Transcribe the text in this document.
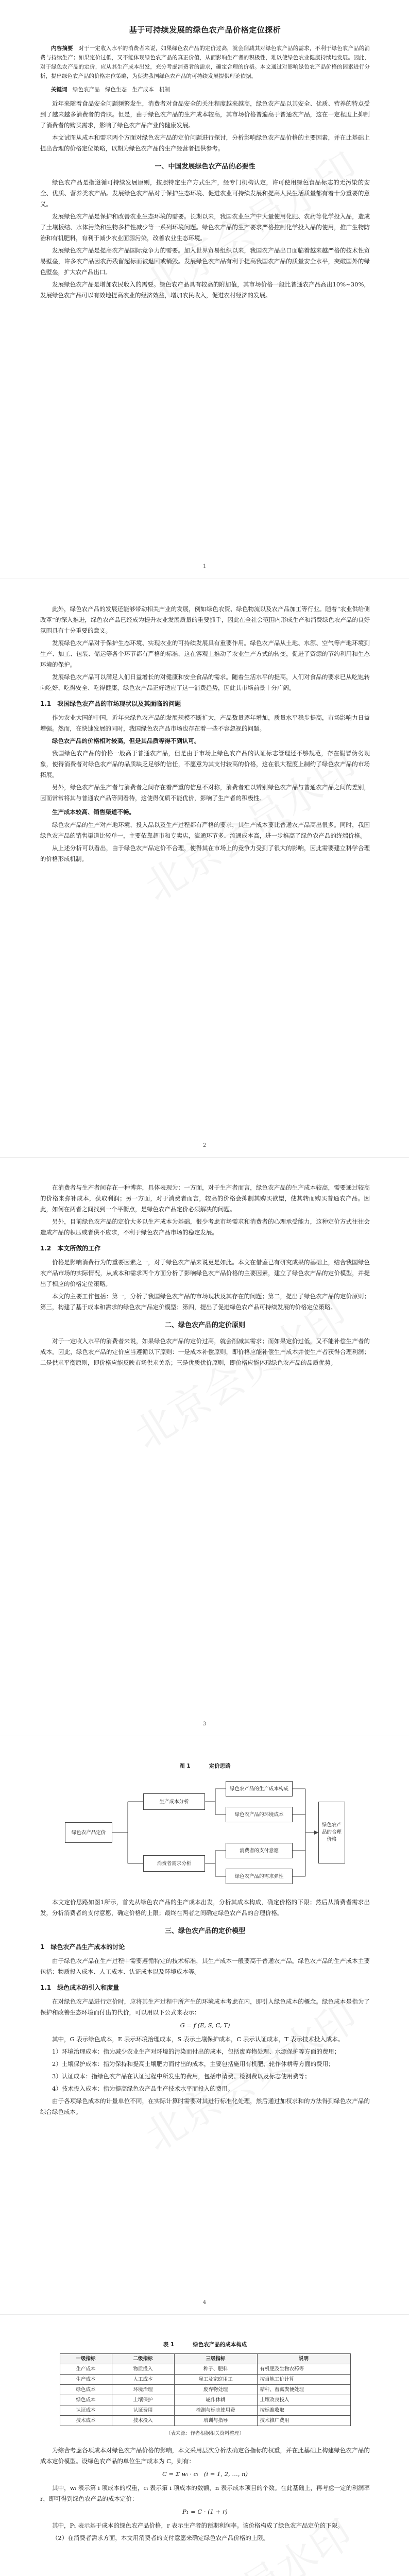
基于可持续发展的绿色农产品价格定位探析

内容摘要　 对于一定收入水平的消费者来说，如果绿色农产品的定价过高，就会削减其对绿色农产品的需求，不利于绿色农产品的消费与持续生产；如果定价过低，又不能体现绿色农产品的真正价值，从而影响生产者的积极性，难以使绿色农业健康持续地发展。因此，对于绿色农产品的定价，应从其生产成本出发，充分考虑消费者的需求，确定合理的价格。本文通过对影响绿色农产品价格的因素进行分析，提出绿色农产品的价格定位策略，为促进我国绿色农产品的可持续发展提供理论依据。

关键词　 绿色农产品　绿色生态　生产成本　机制

近年来随着食品安全问题频繁发生，消费者对食品安全的关注程度越来越高，绿色农产品以其安全、优质、营养的特点受到了越来越多消费者的青睐。但是，由于绿色农产品的生产成本较高，其市场价格普遍高于普通农产品，这在一定程度上抑制了消费者的购买需求，影响了绿色农产品产业的健康发展。

本文试图从成本和需求两个方面对绿色农产品的定价问题进行探讨，分析影响绿色农产品价格的主要因素，并在此基础上提出合理的价格定位策略，以期为绿色农产品的生产经营者提供参考。

一、中国发展绿色农产品的必要性

绿色农产品是指遵循可持续发展原则，按照特定生产方式生产，经专门机构认定，许可使用绿色食品标志的无污染的安全、优质、营养类农产品。发展绿色农产品对于保护生态环境、促进农业可持续发展和提高人民生活质量都有着十分重要的意义。

发展绿色农产品是保护和改善农业生态环境的需要。长期以来，我国农业生产中大量使用化肥、农药等化学投入品，造成了土壤板结、水体污染和生物多样性减少等一系列环境问题。绿色农产品的生产要求严格控制化学投入品的使用，推广生物防治和有机肥料，有利于减少农业面源污染，改善农业生态环境。

发展绿色农产品是提高农产品国际竞争力的需要。加入世界贸易组织以来，我国农产品出口面临着越来越严格的技术性贸易壁垒，许多农产品因农药残留超标而被退回或销毁。发展绿色农产品有利于提高我国农产品的质量安全水平，突破国外的绿色壁垒，扩大农产品出口。

发展绿色农产品是增加农民收入的需要。绿色农产品具有较高的附加值，其市场价格一般比普通农产品高出10%~30%，发展绿色农产品可以有效地提高农业的经济效益，增加农民收入，促进农村经济的发展。

1

此外，绿色农产品的发展还能够带动相关产业的发展，例如绿色农资、绿色物流以及农产品加工等行业。随着“农业供给侧改革”的深入推进，绿色农产品已经成为提升农业发展质量的重要抓手，因此在全社会范围内形成生产和消费绿色农产品的良好氛围具有十分重要的意义。

发展绿色农产品对于保护生态环境、实现农业的可持续发展具有重要作用。绿色农产品从土地、水源、空气等产地环境到生产、加工、包装、储运等各个环节都有严格的标准，这在客观上推动了农业生产方式的转变，促进了资源的节约利用和生态环境的保护。

发展绿色农产品可以满足人们日益增长的对健康和安全食品的需求。随着生活水平的提高，人们对食品的要求已从吃饱转向吃好、吃得安全、吃得健康，绿色农产品正好适应了这一消费趋势，因此其市场前景十分广阔。

1.1　我国绿色农产品的市场现状以及其面临的问题

作为农业大国的中国，近年来绿色农产品的发展规模不断扩大，产品数量逐年增加，质量水平稳步提高，市场影响力日益增强。然而，在快速发展的同时，我国绿色农产品市场也存在着一些不容忽视的问题。

绿色农产品的价格相对较高，但是其品质等得不到认可。

我国绿色农产品的价格一般高于普通农产品，但是由于市场上绿色农产品的认证标志管理还不够规范，存在假冒伪劣现象，使得消费者对绿色农产品的品质缺乏足够的信任，不愿意为其支付较高的价格，这在很大程度上制约了绿色农产品的市场拓展。

另外，绿色农产品生产者与消费者之间存在着严重的信息不对称，消费者难以辨别绿色农产品与普通农产品之间的差别，因而常常将其与普通农产品等同看待，这使得优质不能优价，影响了生产者的积极性。

生产成本较高、销售渠道不畅。

绿色农产品的生产对产地环境、投入品以及生产过程都有严格的要求，其生产成本要比普通农产品高出很多。同时，我国绿色农产品的销售渠道比较单一，主要依靠超市和专卖店，流通环节多、流通成本高，进一步推高了绿色农产品的终端价格。

从上述分析可以看出，由于绿色农产品定价不合理，使得其在市场上的竞争力受到了很大的影响，因此需要建立科学合理的价格形成机制。

2

在消费者与生产者间存在一种博弈，具体表现为：一方面，对于生产者而言，绿色农产品的生产成本较高，需要通过较高的价格来弥补成本，获取利润；另一方面，对于消费者而言，较高的价格会抑制其购买欲望，使其转而购买普通农产品。因此，如何在两者之间找到一个平衡点，是绿色农产品定价必须解决的问题。

另外，目前绿色农产品的定价大多以生产成本为基础，很少考虑市场需求和消费者的心理承受能力，这种定价方式往往会造成产品的积压或者供不应求，不利于绿色农产品市场的稳定发展。

1.2　本文所做的工作

价格是影响消费行为的重要因素之一，对于绿色农产品来说更是如此。本文在借鉴已有研究成果的基础上，结合我国绿色农产品市场的实际情况，从成本和需求两个方面分析了影响绿色农产品价格的主要因素，建立了绿色农产品的定价模型，并提出了相应的价格定位策略。

本文的主要工作包括：第一，分析了我国绿色农产品的市场现状及其存在的问题；第二，提出了绿色农产品的定价原则；第三，构建了基于成本和需求的绿色农产品定价模型；第四，提出了促进绿色农产品可持续发展的价格定位策略。

二、绿色农产品的定价原则

对于一定收入水平的消费者来说，如果绿色农产品的定价过高，就会削减其需求；而如果定价过低，又不能补偿生产者的成本。因此，绿色农产品的定价应当遵循以下原则：一是成本补偿原则，即价格应能补偿生产成本并使生产者获得合理利润；二是供求平衡原则，即价格应能反映市场供求关系；三是优质优价原则，即价格应能体现绿色农产品的品质优势。

3
图 1	定价思路
绿色农产品定价
生产成本分析
消费者需求分析
绿色农产品的生产成本构成
绿色农产品的环境成本
消费者的支付意愿
绿色农产品的需求弹性
绿色农产品的合理价格

本文定价思路如图1所示，首先从绿色农产品的生产成本出发，分析其成本构成，确定价格的下限；然后从消费者需求出发，分析消费者的支付意愿，确定价格的上限；最终在两者之间确定绿色农产品的合理价格。

三、绿色农产品的定价模型
1　绿色农产品生产成本的讨论

由于绿色农产品在生产过程中需要遵循特定的技术标准，其生产成本一般要高于普通农产品。绿色农产品的生产成本主要包括：物质投入成本、人工成本、认证成本以及环境成本等。

1.1　绿色成本的引入和度量

在对绿色农产品进行定价时，应将其生产过程中所产生的环境成本考虑在内，即引入绿色成本的概念。绿色成本是指为了保护和改善生态环境而付出的代价，可以用以下公式来表示：

G = f (E, S, C, T)

其中，G 表示绿色成本，E 表示环境治理成本，S 表示土壤保护成本，C 表示认证成本，T 表示技术投入成本。

1）环境治理成本：指为减少农业生产对环境的污染而付出的成本，包括废弃物处理、水源保护等方面的费用；

2）土壤保护成本：指为保持和提高土壤肥力而付出的成本，主要包括施用有机肥、轮作休耕等方面的费用；

3）认证成本：指绿色农产品在认证过程中所发生的费用，包括申请费、检测费以及标志使用费等；

4）技术投入成本：指为提高绿色农产品生产技术水平而投入的费用。

由于各项绿色成本的计量单位不同，在实际计算时需要对其进行标准化处理，然后通过加权求和的方法得到绿色农产品的综合绿色成本。

4
表 1	绿色农产品的成本构成
一级指标	二级指标	三级指标	说明
生产成本	物质投入	种子、肥料	有机肥及生物农药等
生产成本	人工成本	雇工及家庭用工	按当地工价计算
绿色成本	环境治理	废弃物处理	秸秆、畜禽粪便处理
绿色成本	土壤保护	轮作休耕	土壤改良投入
认证成本	认证费用	检测与标志使用费	按标准收取
技术成本	技术投入	培训与指导	技术推广费用
（表来源：作者根据相关资料整理）

为综合考虑各项成本对绿色农产品价格的影响，本文采用层次分析法确定各指标的权重，并在此基础上构建绿色农产品的成本定价模型。设绿色农产品的单位生产成本为 C，则有：

C = Σ wᵢ · cᵢ　(i = 1, 2, …, n)

其中，wᵢ 表示第 i 项成本的权重，cᵢ 表示第 i 项成本的数额，n 表示成本项目的个数。在此基础上，再考虑一定的利润率 r，即可得到绿色农产品的成本定价：

P₁ = C · (1 + r)

其中，P₁ 表示基于成本的绿色农产品价格，r 表示生产者的预期利润率。该价格构成了绿色农产品定价的下限。

（2）在消费者需求方面，本文用消费者的支付意愿来确定绿色农产品价格的上限。
